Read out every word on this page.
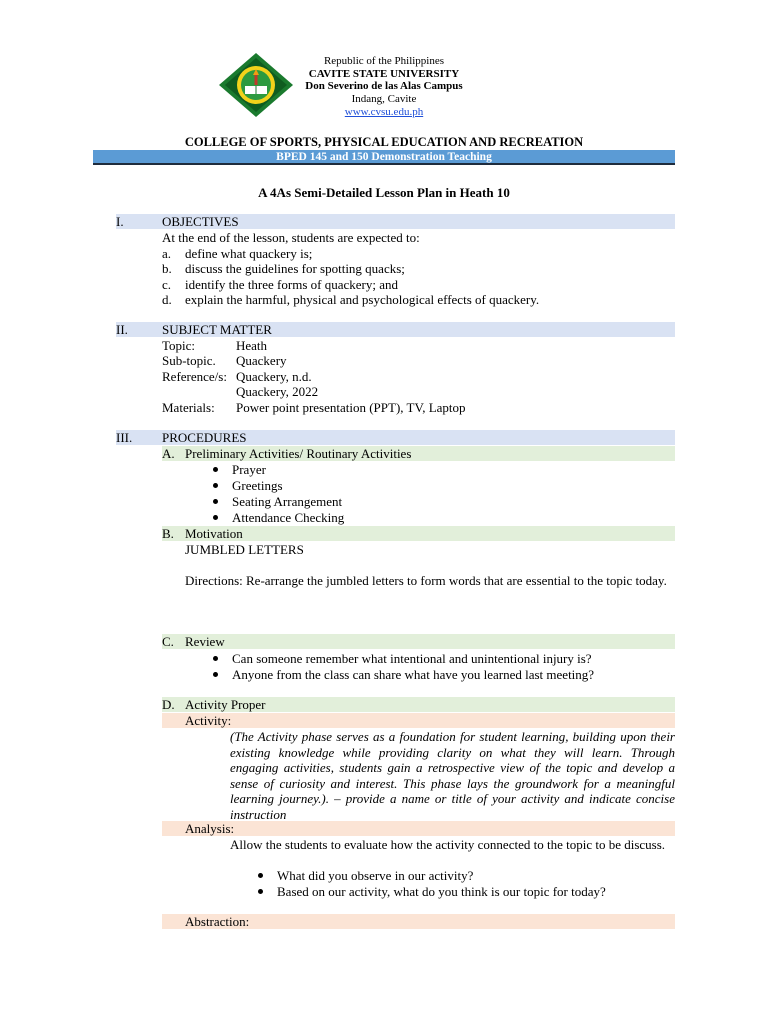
Republic of the Philippines
CAVITE STATE UNIVERSITY
Don Severino de las Alas Campus
Indang, Cavite
www.cvsu.edu.ph
COLLEGE OF SPORTS, PHYSICAL EDUCATION AND RECREATION
BPED 145 and 150 Demonstration Teaching
A 4As Semi-Detailed Lesson Plan in Heath 10
I.	OBJECTIVES
At the end of the lesson, students are expected to:
a. define what quackery is;
b. discuss the guidelines for spotting quacks;
c. identify the three forms of quackery; and
d. explain the harmful, physical and psychological effects of quackery.
II.	SUBJECT MATTER
Topic:	Heath
Sub-topic. Quackery
Reference/s: Quackery, n.d.
Quackery, 2022
Materials: Power point presentation (PPT), TV, Laptop
III. PROCEDURES
A. Preliminary Activities/ Routinary Activities
Prayer
Greetings
Seating Arrangement
Attendance Checking
B. Motivation
JUMBLED LETTERS
Directions: Re-arrange the jumbled letters to form words that are essential to the topic today.
C. Review
Can someone remember what intentional and unintentional injury is?
Anyone from the class can share what have you learned last meeting?
D. Activity Proper
Activity:
(The Activity phase serves as a foundation for student learning, building upon their existing knowledge while providing clarity on what they will learn. Through engaging activities, students gain a retrospective view of the topic and develop a sense of curiosity and interest. This phase lays the groundwork for a meaningful learning journey.). – provide a name or title of your activity and indicate concise instruction
Analysis:
Allow the students to evaluate how the activity connected to the topic to be discuss.
What did you observe in our activity?
Based on our activity, what do you think is our topic for today?
Abstraction:
